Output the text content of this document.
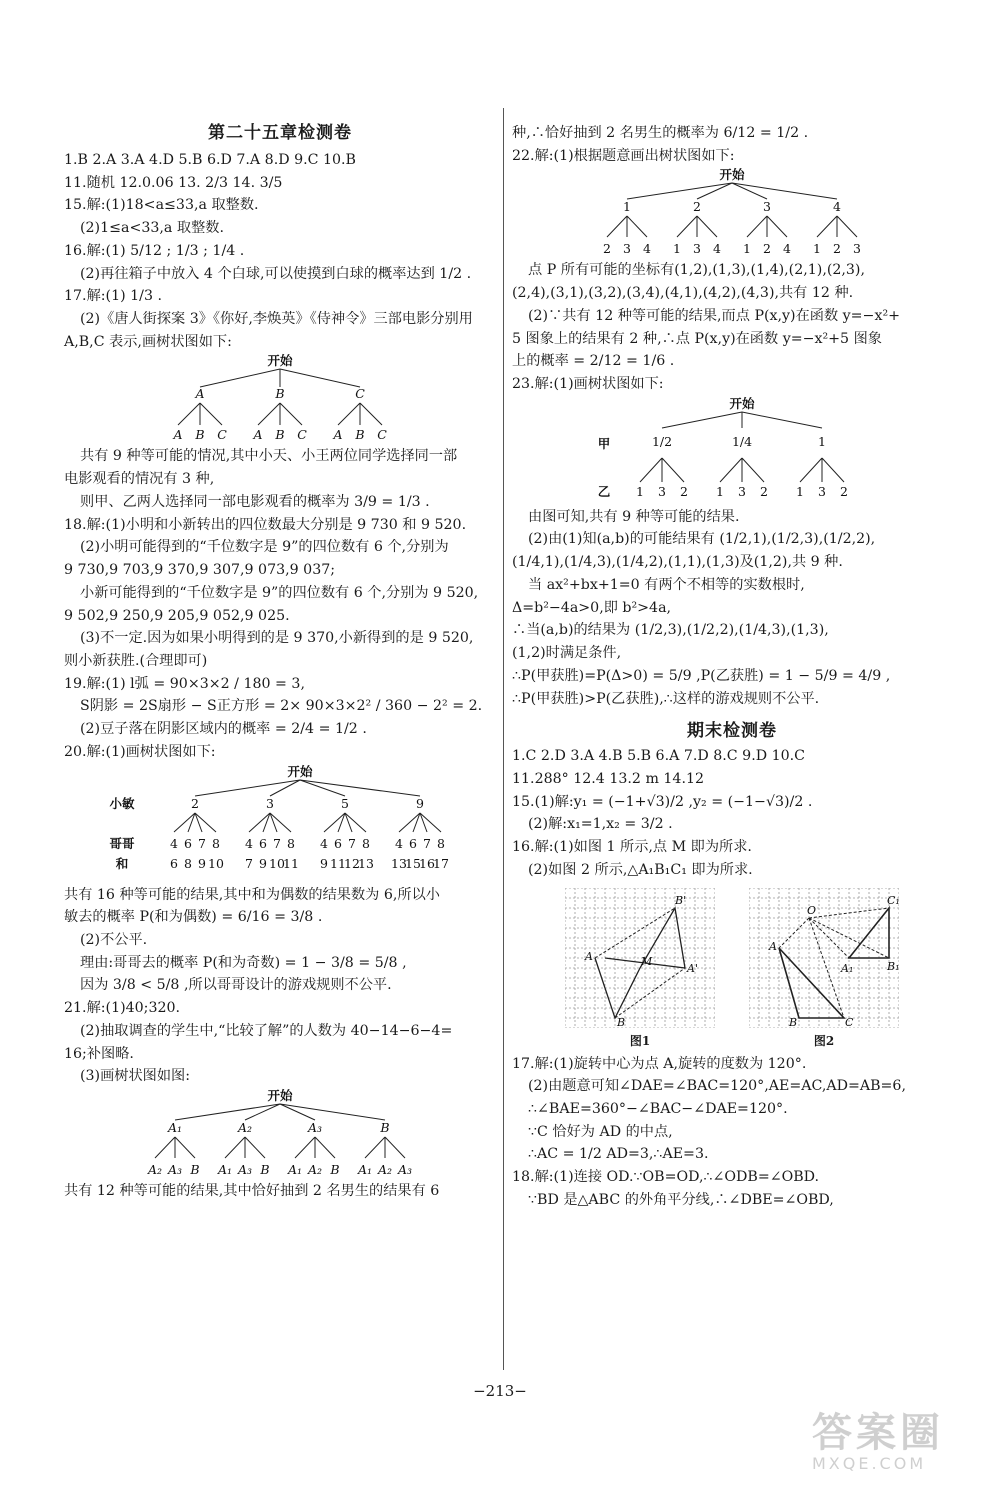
第二十五章检测卷
1.B 2.A 3.A 4.D 5.B 6.D 7.A 8.D 9.C 10.B
11.随机 12.0.06 13. 2/3 14. 3/5
15.解:(1)18<a≤33,a 取整数.
(2)1≤a<33,a 取整数.
16.解:(1) 5/12 ; 1/3 ; 1/4 .
(2)再往箱子中放入 4 个白球,可以使摸到白球的概率达到 1/2 .
17.解:(1) 1/3 .
(2)《唐人街探案 3》《你好,李焕英》《侍神令》三部电影分别用
A,B,C 表示,画树状图如下:
开始
A	B	C
A B C A B C A B C
共有 9 种等可能的情况,其中小天、小王两位同学选择同一部
电影观看的情况有 3 种,
则甲、乙两人选择同一部电影观看的概率为 3/9 = 1/3 .
18.解:(1)小明和小新转出的四位数最大分别是 9 730 和 9 520.
(2)小明可能得到的“千位数字是 9”的四位数有 6 个,分别为
9 730,9 703,9 370,9 307,9 073,9 037;
小新可能得到的“千位数字是 9”的四位数有 6 个,分别为 9 520,
9 502,9 250,9 205,9 052,9 025.
(3)不一定.因为如果小明得到的是 9 370,小新得到的是 9 520,
则小新获胜.(合理即可)
19.解:(1) l弧 = 90×3×2 / 180 = 3,
S阴影 = 2S扇形 − S正方形 = 2× 90×3×2² / 360 − 2² = 2.
(2)豆子落在阴影区域内的概率 = 2/4 = 1/2 .
20.解:(1)画树状图如下:
开始
小敏	2	3	5	9
哥哥
和
4
6
6
8
7
9
8
10
4
7
6
9
7
10
8
11
4
9
6
11
7
12
8
13
4
13
6
15
7
16
8
17
共有 16 种等可能的结果,其中和为偶数的结果数为 6,所以小
敏去的概率 P(和为偶数) = 6/16 = 3/8 .
(2)不公平.
理由:哥哥去的概率 P(和为奇数) = 1 − 3/8 = 5/8 ,
因为 3/8 < 5/8 ,所以哥哥设计的游戏规则不公平.
21.解:(1)40;320.
(2)抽取调查的学生中,“比较了解”的人数为 40−14−6−4=
16;补图略.
(3)画树状图如图:
开始
A₁
A₂ A₃ B
A₂
A₁ A₃ B
A₃
A₁ A₂ B
B
A₁ A₂ A₃
共有 12 种等可能的结果,其中恰好抽到 2 名男生的结果有 6
种,∴恰好抽到 2 名男生的概率为 6/12 = 1/2 .
22.解:(1)根据题意画出树状图如下:
开始
1
2 3 4
2
1 3 4
3
1 2 4
4
1 2 3
点 P 所有可能的坐标有(1,2),(1,3),(1,4),(2,1),(2,3),
(2,4),(3,1),(3,2),(3,4),(4,1),(4,2),(4,3),共有 12 种.
(2)∵共有 12 种等可能的结果,而点 P(x,y)在函数 y=−x²+
5 图象上的结果有 2 种,∴点 P(x,y)在函数 y=−x²+5 图象
上的概率 = 2/12 = 1/6 .
23.解:(1)画树状图如下:
开始
甲
乙
1/2
1 3 2
1/4
1 3 2
1
1 3 2
由图可知,共有 9 种等可能的结果.
(2)由(1)知(a,b)的可能结果有 (1/2,1),(1/2,3),(1/2,2),
(1/4,1),(1/4,3),(1/4,2),(1,1),(1,3)及(1,2),共 9 种.
当 ax²+bx+1=0 有两个不相等的实数根时,
Δ=b²−4a>0,即 b²>4a,
∴当(a,b)的结果为 (1/2,3),(1/2,2),(1/4,3),(1,3),
(1,2)时满足条件,
∴P(甲获胜)=P(Δ>0) = 5/9 ,P(乙获胜) = 1 − 5/9 = 4/9 ,
∴P(甲获胜)>P(乙获胜),∴这样的游戏规则不公平.
期末检测卷
1.C 2.D 3.A 4.B 5.B 6.A 7.D 8.C 9.D 10.C
11.288° 12.4 13.2 m 14.12
15.(1)解:y₁ = (−1+√3)/2 ,y₂ = (−1−√3)/2 .
(2)解:x₁=1,x₂ = 3/2 .
16.解:(1)如图 1 所示,点 M 即为所求.
(2)如图 2 所示,△A₁B₁C₁ 即为所求.
B
A	M
A'
B'
图1
C₁
O
A
B₁
A₁
B	C
图2
17.解:(1)旋转中心为点 A,旋转的度数为 120°.
(2)由题意可知∠DAE=∠BAC=120°,AE=AC,AD=AB=6,
∴∠BAE=360°−∠BAC−∠DAE=120°.
∵C 恰好为 AD 的中点,
∴AC = 1/2 AD=3,∴AE=3.
18.解:(1)连接 OD.∵OB=OD,∴∠ODB=∠OBD.
∵BD 是△ABC 的外角平分线,∴∠DBE=∠OBD,
−213−
答案圈
MXQE.COM
